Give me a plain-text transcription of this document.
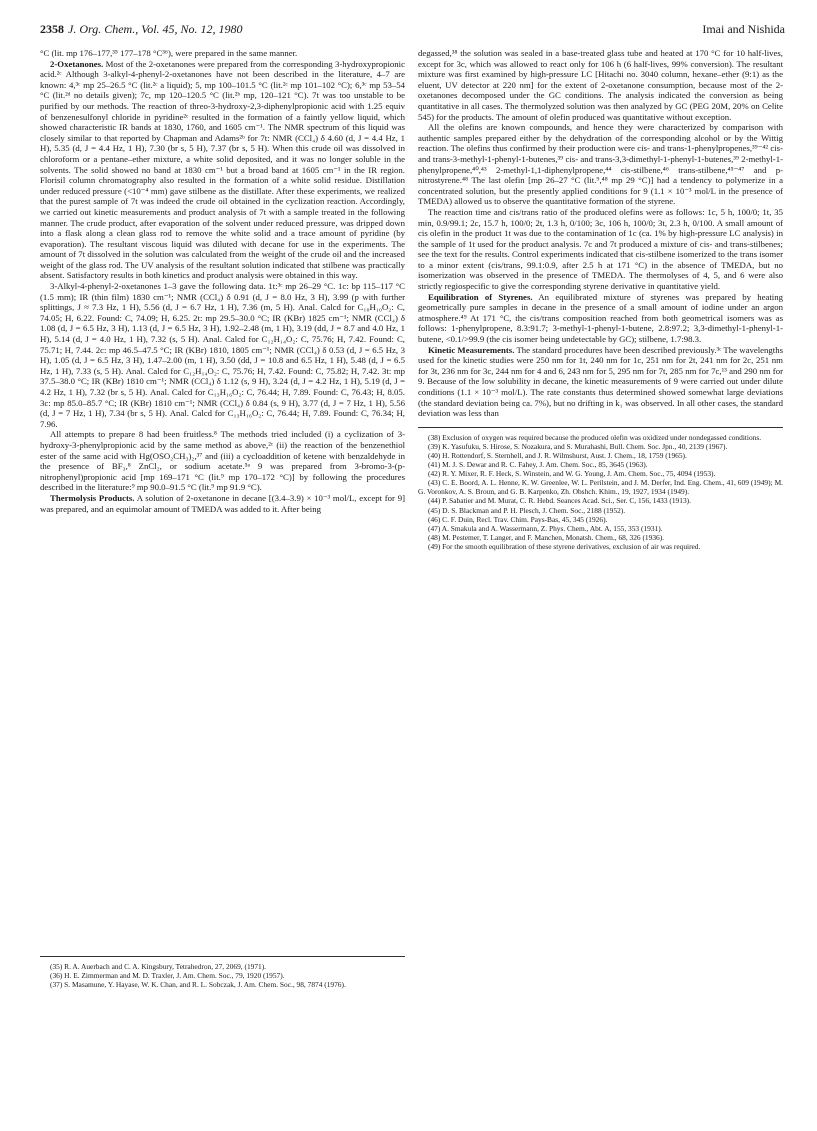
2358 J. Org. Chem., Vol. 45, No. 12, 1980	Imai and Nishida

°C (lit. mp 176–177,³⁵ 177–178 °C³⁶), were prepared in the same manner.

2-Oxetanones. Most of the 2-oxetanones were prepared from the corresponding 3-hydroxypropionic acid.²ᶜ Although 3-alkyl-4-phenyl-2-oxetanones have not been described in the literature, 4–7 are known: 4,³ᶜ mp 25–26.5 °C (lit.²ᶜ a liquid); 5, mp 100–101.5 °C (lit.²ᶜ mp 101–102 °C); 6,³ᶜ mp 53–54 °C (lit.²ᵈ no details given); 7c, mp 120–120.5 °C (lit.²ᵇ mp, 120–121 °C). 7t was too unstable to be purified by our methods. The reaction of threo-3-hydroxy-2,3-diphenylpropionic acid with 1.25 equiv of benzenesulfonyl chloride in pyridine²ᶜ resulted in the formation of a faintly yellow liquid, which showed characteristic IR bands at 1830, 1760, and 1605 cm⁻¹. The NMR spectrum of this liquid was closely similar to that reported by Chapman and Adams²ᵇ for 7t: NMR (CCl₄) δ 4.60 (d, J = 4.4 Hz, 1 H), 5.35 (d, J = 4.4 Hz, 1 H), 7.30 (br s, 5 H), 7.37 (br s, 5 H). When this crude oil was dissolved in chloroform or a pentane–ether mixture, a white solid deposited, and it was no longer soluble in the solvents. The solid showed no band at 1830 cm⁻¹ but a broad band at 1605 cm⁻¹ in the IR region. Florisil column chromatography also resulted in the formation of a white solid residue. Distillation under reduced pressure (<10⁻⁴ mm) gave stilbene as the distillate. After these experiments, we realized that the purest sample of 7t was indeed the crude oil obtained in the cyclization reaction. Accordingly, we carried out kinetic measurements and product analysis of 7t with a sample treated in the following manner. The crude product, after evaporation of the solvent under reduced pressure, was dripped down into a flask along a clean glass rod to remove the white solid and a trace amount of pyridine (by evaporation). The resultant viscous liquid was diluted with decane for use in the experiments. The amount of 7t dissolved in the solution was calculated from the weight of the crude oil and the increased weight of the glass rod. The UV analysis of the resultant solution indicated that stilbene was practically absent. Satisfactory results in both kinetics and product analysis were obtained in this way.

3-Alkyl-4-phenyl-2-oxetanones 1–3 gave the following data. 1t:³ᶜ mp 26–29 °C. 1c: bp 115–117 °C (1.5 mm); IR (thin film) 1830 cm⁻¹; NMR (CCl₄) δ 0.91 (d, J = 8.0 Hz, 3 H), 3.99 (p with further splittings, J ≈ 7.3 Hz, 1 H), 5.56 (d, J = 6.7 Hz, 1 H), 7.36 (m, 5 H). Anal. Calcd for C₁₀H₁₀O₂: C, 74.05; H, 6.22. Found: C, 74.09; H, 6.25. 2t: mp 29.5–30.0 °C; IR (KBr) 1825 cm⁻¹; NMR (CCl₄) δ 1.08 (d, J = 6.5 Hz, 3 H), 1.13 (d, J = 6.5 Hz, 3 H), 1.92–2.48 (m, 1 H), 3.19 (dd, J = 8.7 and 4.0 Hz, 1 H), 5.14 (d, J = 4.0 Hz, 1 H), 7.32 (s, 5 H). Anal. Calcd for C₁₂H₁₄O₂: C, 75.76; H, 7.42. Found: C, 75.71; H, 7.44. 2c: mp 46.5–47.5 °C; IR (KBr) 1810, 1805 cm⁻¹; NMR (CCl₄) δ 0.53 (d, J = 6.5 Hz, 3 H), 1.05 (d, J = 6.5 Hz, 3 H), 1.47–2.00 (m, 1 H), 3.50 (dd, J = 10.8 and 6.5 Hz, 1 H), 5.48 (d, J = 6.5 Hz, 1 H), 7.33 (s, 5 H). Anal. Calcd for C₁₂H₁₄O₂: C, 75.76; H, 7.42. Found: C, 75.82; H, 7.42. 3t: mp 37.5–38.0 °C; IR (KBr) 1810 cm⁻¹; NMR (CCl₄) δ 1.12 (s, 9 H), 3.24 (d, J = 4.2 Hz, 1 H), 5.19 (d, J = 4.2 Hz, 1 H), 7.32 (br s, 5 H). Anal. Calcd for C₁₃H₁₆O₂: C, 76.44; H, 7.89. Found: C, 76.43; H, 8.05. 3c: mp 85.0–85.7 °C; IR (KBr) 1810 cm⁻¹; NMR (CCl₄) δ 0.84 (s, 9 H), 3.77 (d, J = 7 Hz, 1 H), 5.56 (d, J = 7 Hz, 1 H), 7.34 (br s, 5 H). Anal. Calcd for C₁₃H₁₆O₂: C, 76.44; H, 7.89. Found: C, 76.34; H, 7.96.

All attempts to prepare 8 had been fruitless.⁸ The methods tried included (i) a cyclization of 3-hydroxy-3-phenylpropionic acid by the same method as above,²ᶜ (ii) the reaction of the benzenethiol ester of the same acid with Hg(OSO₂CH₃)₂,³⁷ and (iii) a cycloaddition of ketene with benzaldehyde in the presence of BF₃,⁸ ZnCl₂, or sodium acetate.⁵ᵃ 9 was prepared from 3-bromo-3-(p-nitrophenyl)propionic acid [mp 169–171 °C (lit.⁹ mp 170–172 °C)] by following the procedures described in the literature:⁹ mp 90.0–91.5 °C (lit.⁹ mp 91.9 °C).

Thermolysis Products. A solution of 2-oxetanone in decane [(3.4–3.9) × 10⁻³ mol/L, except for 9] was prepared, and an equimolar amount of TMEDA was added to it. After being

(35) R. A. Auerbach and C. A. Kingsbury, Tetrahedron, 27, 2069, (1971).

(36) H. E. Zimmerman and M. D. Traxler, J. Am. Chem. Soc., 79, 1920 (1957).

(37) S. Masamune, Y. Hayase, W. K. Chan, and R. L. Sobczak, J. Am. Chem. Soc., 98, 7874 (1976).

degassed,³⁸ the solution was sealed in a base-treated glass tube and heated at 170 °C for 10 half-lives, except for 3c, which was allowed to react only for 106 h (6 half-lives, 99% conversion). The resultant mixture was first examined by high-pressure LC [Hitachi no. 3040 column, hexane–ether (9:1) as the eluent, UV detector at 220 nm] for the extent of 2-oxetanone consumption, because most of the 2-oxetanones decomposed under the GC conditions. The analysis indicated the conversion as being quantitative in all cases. The thermolyzed solution was then analyzed by GC (PEG 20M, 20% on Celite 545) for the products. The amount of olefin produced was quantitative without exception.

All the olefins are known compounds, and hence they were characterized by comparison with authentic samples prepared either by the dehydration of the corresponding alcohol or by the Wittig reaction. The olefins thus confirmed by their production were cis- and trans-1-phenylpropenes,³⁹⁻⁴² cis- and trans-3-methyl-1-phenyl-1-butenes,³⁹ cis- and trans-3,3-dimethyl-1-phenyl-1-butenes,³⁹ 2-methyl-1-phenylpropene,⁴⁰,⁴³ 2-methyl-1,1-diphenylpropene,⁴⁴ cis-stilbene,⁴⁶ trans-stilbene,⁴⁵⁻⁴⁷ and p-nitrostyrene.⁴⁸ The last olefin [mp 26–27 °C (lit.⁹,⁴⁸ mp 29 °C)] had a tendency to polymerize in a concentrated solution, but the presently applied conditions for 9 (1.1 × 10⁻³ mol/L in the presence of TMEDA) allowed us to observe the quantitative formation of the styrene.

The reaction time and cis/trans ratio of the produced olefins were as follows: 1c, 5 h, 100/0; 1t, 35 min, 0.9/99.1; 2c, 15.7 h, 100/0; 2t, 1.3 h, 0/100; 3c, 106 h, 100/0; 3t, 2.3 h, 0/100. A small amount of cis olefin in the product 1t was due to the contamination of 1c (ca. 1% by high-pressure LC analysis) in the sample of 1t used for the product analysis. 7c and 7t produced a mixture of cis- and trans-stilbenes; see the text for the results. Control experiments indicated that cis-stilbene isomerized to the trans isomer to a minor extent (cis/trans, 99.1:0.9, after 2.5 h at 171 °C) in the absence of TMEDA, but no isomerization was observed in the presence of TMEDA. The thermolyses of 4, 5, and 6 were also strictly regiospecific to give the corresponding styrene derivative in quantitative yield.

Equilibration of Styrenes. An equilibrated mixture of styrenes was prepared by heating geometrically pure samples in decane in the presence of a small amount of iodine under an argon atmosphere.⁴⁹ At 171 °C, the cis/trans composition reached from both geometrical isomers was as follows: 1-phenylpropene, 8.3:91.7; 3-methyl-1-phenyl-1-butene, 2.8:97.2; 3,3-dimethyl-1-phenyl-1-butene, <0.1/>99.9 (the cis isomer being undetectable by GC); stilbene, 1.7:98.3.

Kinetic Measurements. The standard procedures have been described previously.³ᶜ The wavelengths used for the kinetic studies were 250 nm for 1t, 240 nm for 1c, 251 nm for 2t, 241 nm for 2c, 251 nm for 3t, 236 nm for 3c, 244 nm for 4 and 6, 243 nm for 5, 295 nm for 7t, 285 nm for 7c,¹³ and 290 nm for 9. Because of the low solubility in decane, the kinetic measurements of 9 were carried out under dilute conditions (1.1 × 10⁻³ mol/L). The rate constants thus determined showed somewhat large deviations (the standard deviation being ca. 7%), but no drifting in k₁ was observed. In all other cases, the standard deviation was less than

(38) Exclusion of oxygen was required because the produced olefin was oxidized under nondegassed conditions.

(39) K. Yasufuku, S. Hirose, S. Nozakura, and S. Murahashi, Bull. Chem. Soc. Jpn., 40, 2139 (1967).

(40) H. Rottendorf, S. Sternhell, and J. R. Wilmshurst, Aust. J. Chem., 18, 1759 (1965).

(41) M. J. S. Dewar and R. C. Fahey, J. Am. Chem. Soc., 85, 3645 (1963).

(42) R. Y. Mixer, R. F. Heck, S. Winstein, and W. G. Young, J. Am. Chem. Soc., 75, 4094 (1953).

(43) C. E. Boord, A. L. Henne, K. W. Greenlee, W. L. Perilstein, and J. M. Derfer, Ind. Eng. Chem., 41, 609 (1949); M. G. Voronkov, A. S. Broun, and G. B. Karpenko, Zh. Obshch. Khim., 19, 1927, 1934 (1949).

(44) P. Sabatier and M. Murat, C. R. Hebd. Seances Acad. Sci., Ser. C, 156, 1433 (1913).

(45) D. S. Blackman and P. H. Plesch, J. Chem. Soc., 2188 (1952).

(46) C. F. Duin, Recl. Trav. Chim. Pays-Bas, 45, 345 (1926).

(47) A. Smakula and A. Wassermann, Z. Phys. Chem., Abt. A, 155, 353 (1931).

(48) M. Pestemer, T. Langer, and F. Manchen, Monatsh. Chem., 68, 326 (1936).

(49) For the smooth equilibration of these styrene derivatives, exclusion of air was required.
